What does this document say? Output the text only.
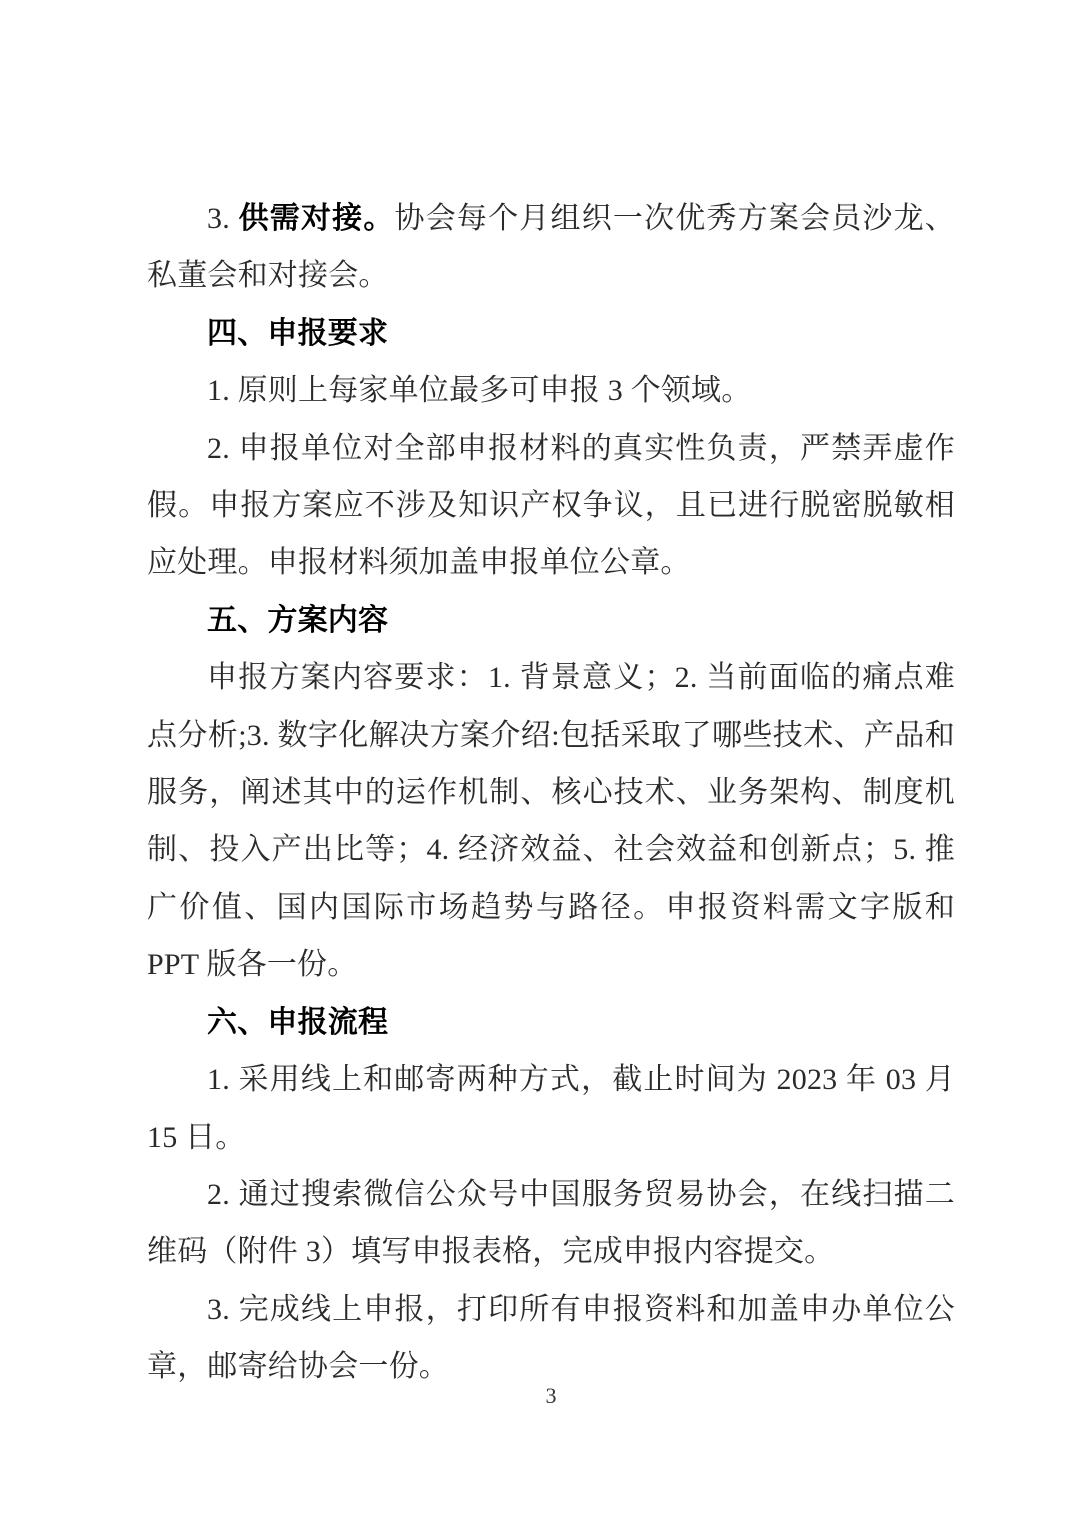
3. 供需对接。协会每个月组织一次优秀方案会员沙龙、私董会和对接会。

四、申报要求

1. 原则上每家单位最多可申报 3 个领域。

2. 申报单位对全部申报材料的真实性负责，严禁弄虚作假。申报方案应不涉及知识产权争议，且已进行脱密脱敏相应处理。申报材料须加盖申报单位公章。

五、方案内容

申报方案内容要求：1. 背景意义；2. 当前面临的痛点难点分析;3. 数字化解决方案介绍:包括采取了哪些技术、产品和服务，阐述其中的运作机制、核心技术、业务架构、制度机制、投入产出比等；4. 经济效益、社会效益和创新点；5. 推广价值、国内国际市场趋势与路径。申报资料需文字版和 PPT 版各一份。

六、申报流程

1. 采用线上和邮寄两种方式，截止时间为 2023 年 03 月 15 日。

2. 通过搜索微信公众号中国服务贸易协会，在线扫描二维码（附件 3）填写申报表格，完成申报内容提交。

3. 完成线上申报，打印所有申报资料和加盖申办单位公章，邮寄给协会一份。

3
